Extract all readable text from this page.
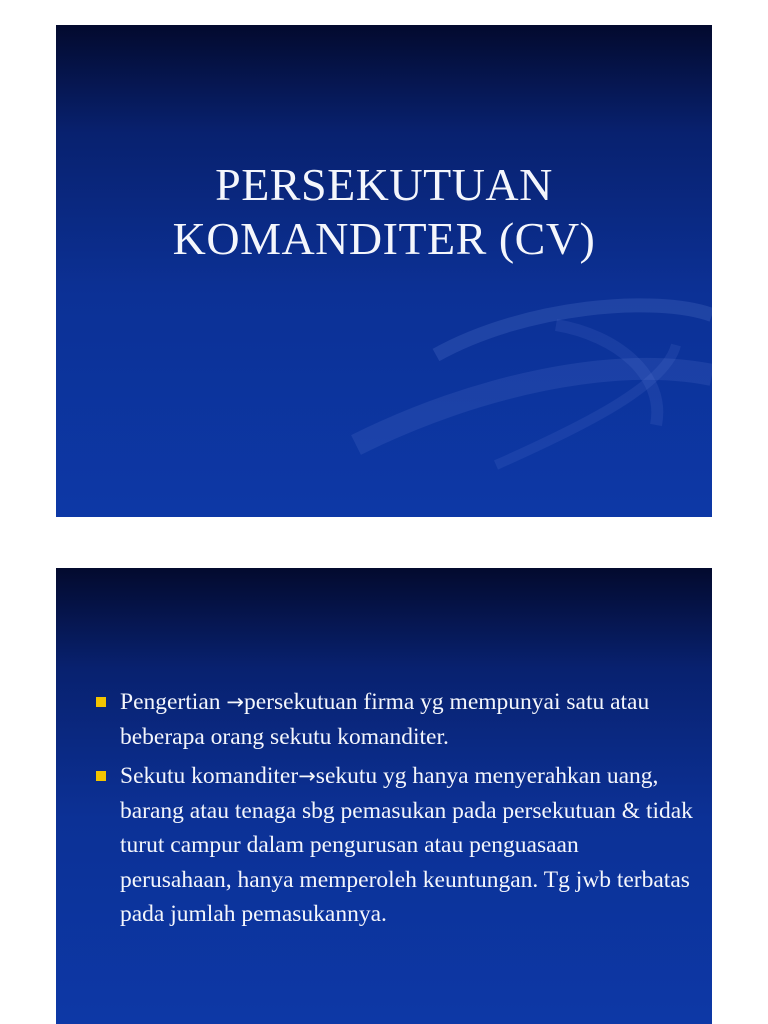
PERSEKUTUAN
KOMANDITER (CV)
Pengertian →persekutuan firma yg mempunyai satu atau beberapa orang sekutu komanditer.
Sekutu komanditer→sekutu yg hanya menyerahkan uang, barang atau tenaga sbg pemasukan pada persekutuan & tidak turut campur dalam pengurusan atau penguasaan perusahaan, hanya memperoleh keuntungan. Tg jwb terbatas pada jumlah pemasukannya.
